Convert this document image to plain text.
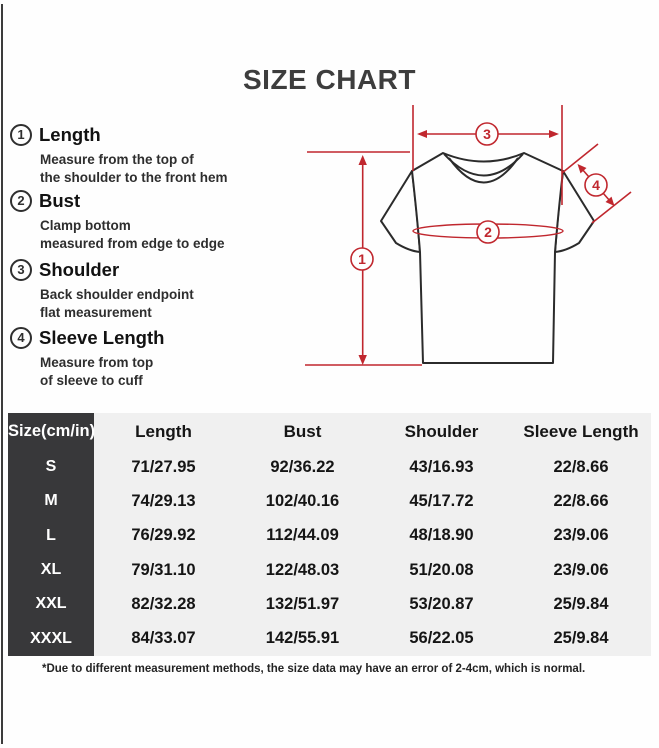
SIZE CHART
1 Length
Measure from the top of
the shoulder to the front hem
2 Bust
Clamp bottom
measured from edge to edge
3 Shoulder
Back shoulder endpoint
flat measurement
4 Sleeve Length
Measure from top
of sleeve to cuff
1
3
2
4
Size(cm/in)	Length	Bust	Shoulder	Sleeve Length
S	71/27.95	92/36.22	43/16.93	22/8.66
M	74/29.13	102/40.16	45/17.72	22/8.66
L	76/29.92	112/44.09	48/18.90	23/9.06
XL	79/31.10	122/48.03	51/20.08	23/9.06
XXL	82/32.28	132/51.97	53/20.87	25/9.84
XXXL	84/33.07	142/55.91	56/22.05	25/9.84
*Due to different measurement methods, the size data may have an error of 2-4cm, which is normal.
